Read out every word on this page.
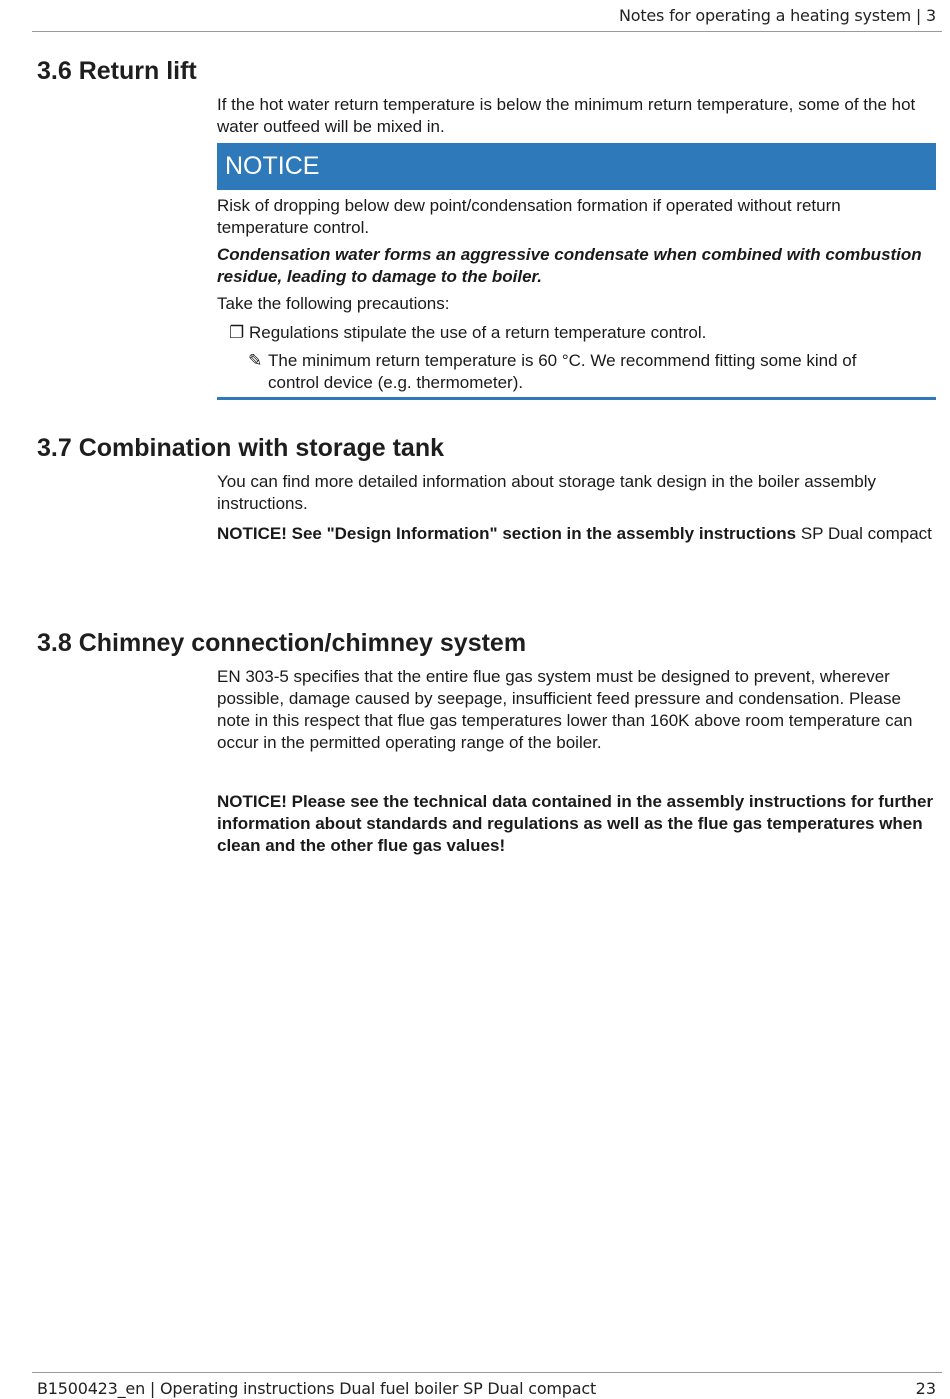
Notes for operating a heating system | 3
3.6 Return lift

If the hot water return temperature is below the minimum return temperature, some of the hot water outfeed will be mixed in.

NOTICE

Risk of dropping below dew point/condensation formation if operated without return temperature control.

Condensation water forms an aggressive condensate when combined with combustion residue, leading to damage to the boiler.

Take the following precautions:

❐ Regulations stipulate the use of a return temperature control.
✎ The minimum return temperature is 60 °C. We recommend fitting some kind of control device (e.g. thermometer).
3.7 Combination with storage tank

You can find more detailed information about storage tank design in the boiler assembly instructions.

NOTICE! See "Design Information" section in the assembly instructions SP Dual compact

3.8 Chimney connection/chimney system

EN 303-5 specifies that the entire flue gas system must be designed to prevent, wherever possible, damage caused by seepage, insufficient feed pressure and condensation. Please note in this respect that flue gas temperatures lower than 160K above room temperature can occur in the permitted operating range of the boiler.

NOTICE! Please see the technical data contained in the assembly instructions for further information about standards and regulations as well as the flue gas temperatures when clean and the other flue gas values!

B1500423_en | Operating instructions Dual fuel boiler SP Dual compact	23
